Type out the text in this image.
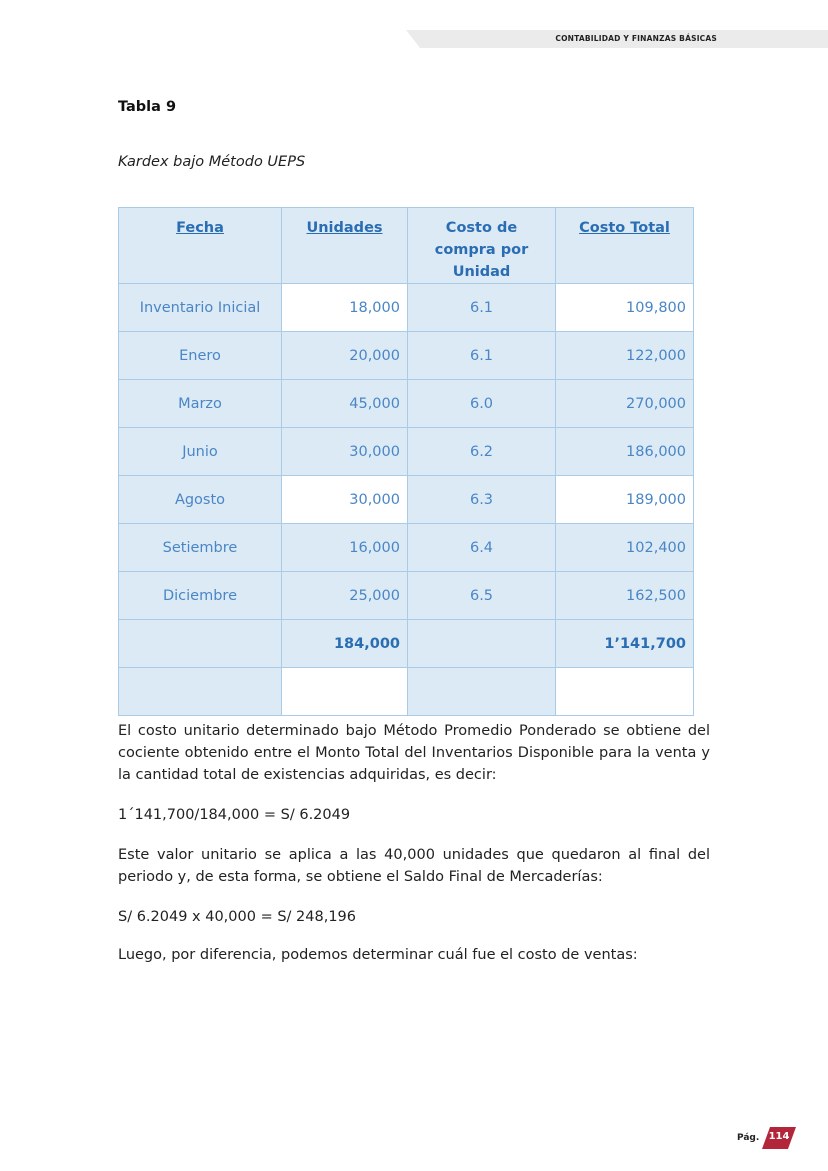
CONTABILIDAD Y FINANZAS BÁSICAS
Tabla 9
Kardex bajo Método UEPS
Fecha	Unidades	Costo de compra por Unidad	Costo Total
Inventario Inicial	18,000	6.1	109,800
Enero	20,000	6.1	122,000
Marzo	45,000	6.0	270,000
Junio	30,000	6.2	186,000
Agosto	30,000	6.3	189,000
Setiembre	16,000	6.4	102,400
Diciembre	25,000	6.5	162,500
	184,000		1’141,700

El costo unitario determinado bajo Método Promedio Ponderado se obtiene del cociente obtenido entre el Monto Total del Inventarios Disponible para la venta y la cantidad total de existencias adquiridas, es decir:
1´141,700/184,000 = S/ 6.2049
Este valor unitario se aplica a las 40,000 unidades que quedaron al final del periodo y, de esta forma, se obtiene el Saldo Final de Mercaderías:
S/ 6.2049 x 40,000 = S/ 248,196
Luego, por diferencia, podemos determinar cuál fue el costo de ventas:
Pág. 114
